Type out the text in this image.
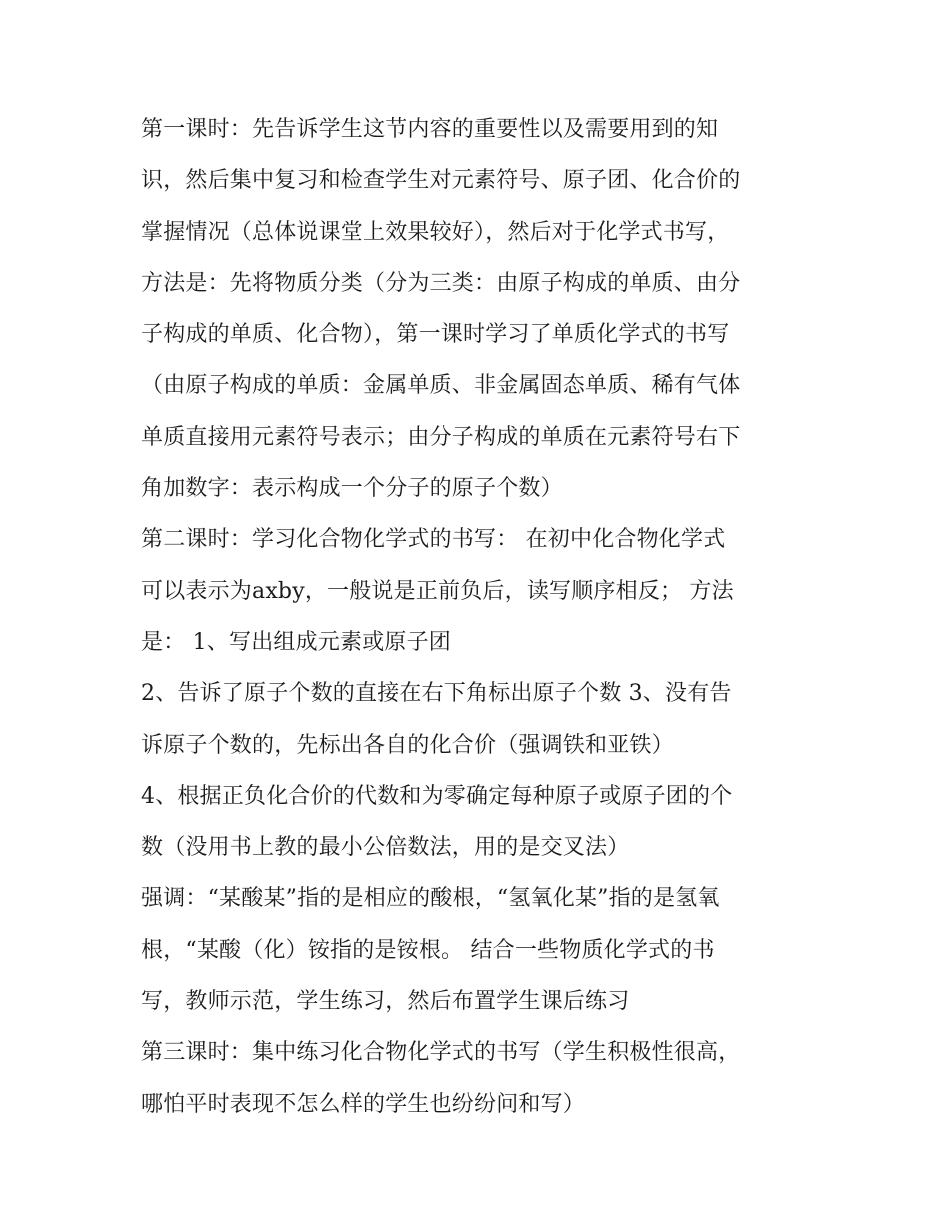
第一课时：先告诉学生这节内容的重要性以及需要用到的知
识，然后集中复习和检查学生对元素符号、原子团、化合价的
掌握情况（总体说课堂上效果较好），然后对于化学式书写，
方法是：先将物质分类（分为三类：由原子构成的单质、由分
子构成的单质、化合物），第一课时学习了单质化学式的书写
（由原子构成的单质：金属单质、非金属固态单质、稀有气体
单质直接用元素符号表示；由分子构成的单质在元素符号右下
角加数字：表示构成一个分子的原子个数）
第二课时：学习化合物化学式的书写： 在初中化合物化学式
可以表示为axby，一般说是正前负后，读写顺序相反； 方法
是： 1、写出组成元素或原子团
2、告诉了原子个数的直接在右下角标出原子个数 3、没有告
诉原子个数的，先标出各自的化合价（强调铁和亚铁）
4、根据正负化合价的代数和为零确定每种原子或原子团的个
数（没用书上教的最小公倍数法，用的是交叉法）
强调：“某酸某”指的是相应的酸根，“氢氧化某”指的是氢氧
根，“某酸（化）铵指的是铵根。 结合一些物质化学式的书
写，教师示范，学生练习，然后布置学生课后练习
第三课时：集中练习化合物化学式的书写（学生积极性很高，
哪怕平时表现不怎么样的学生也纷纷问和写）
